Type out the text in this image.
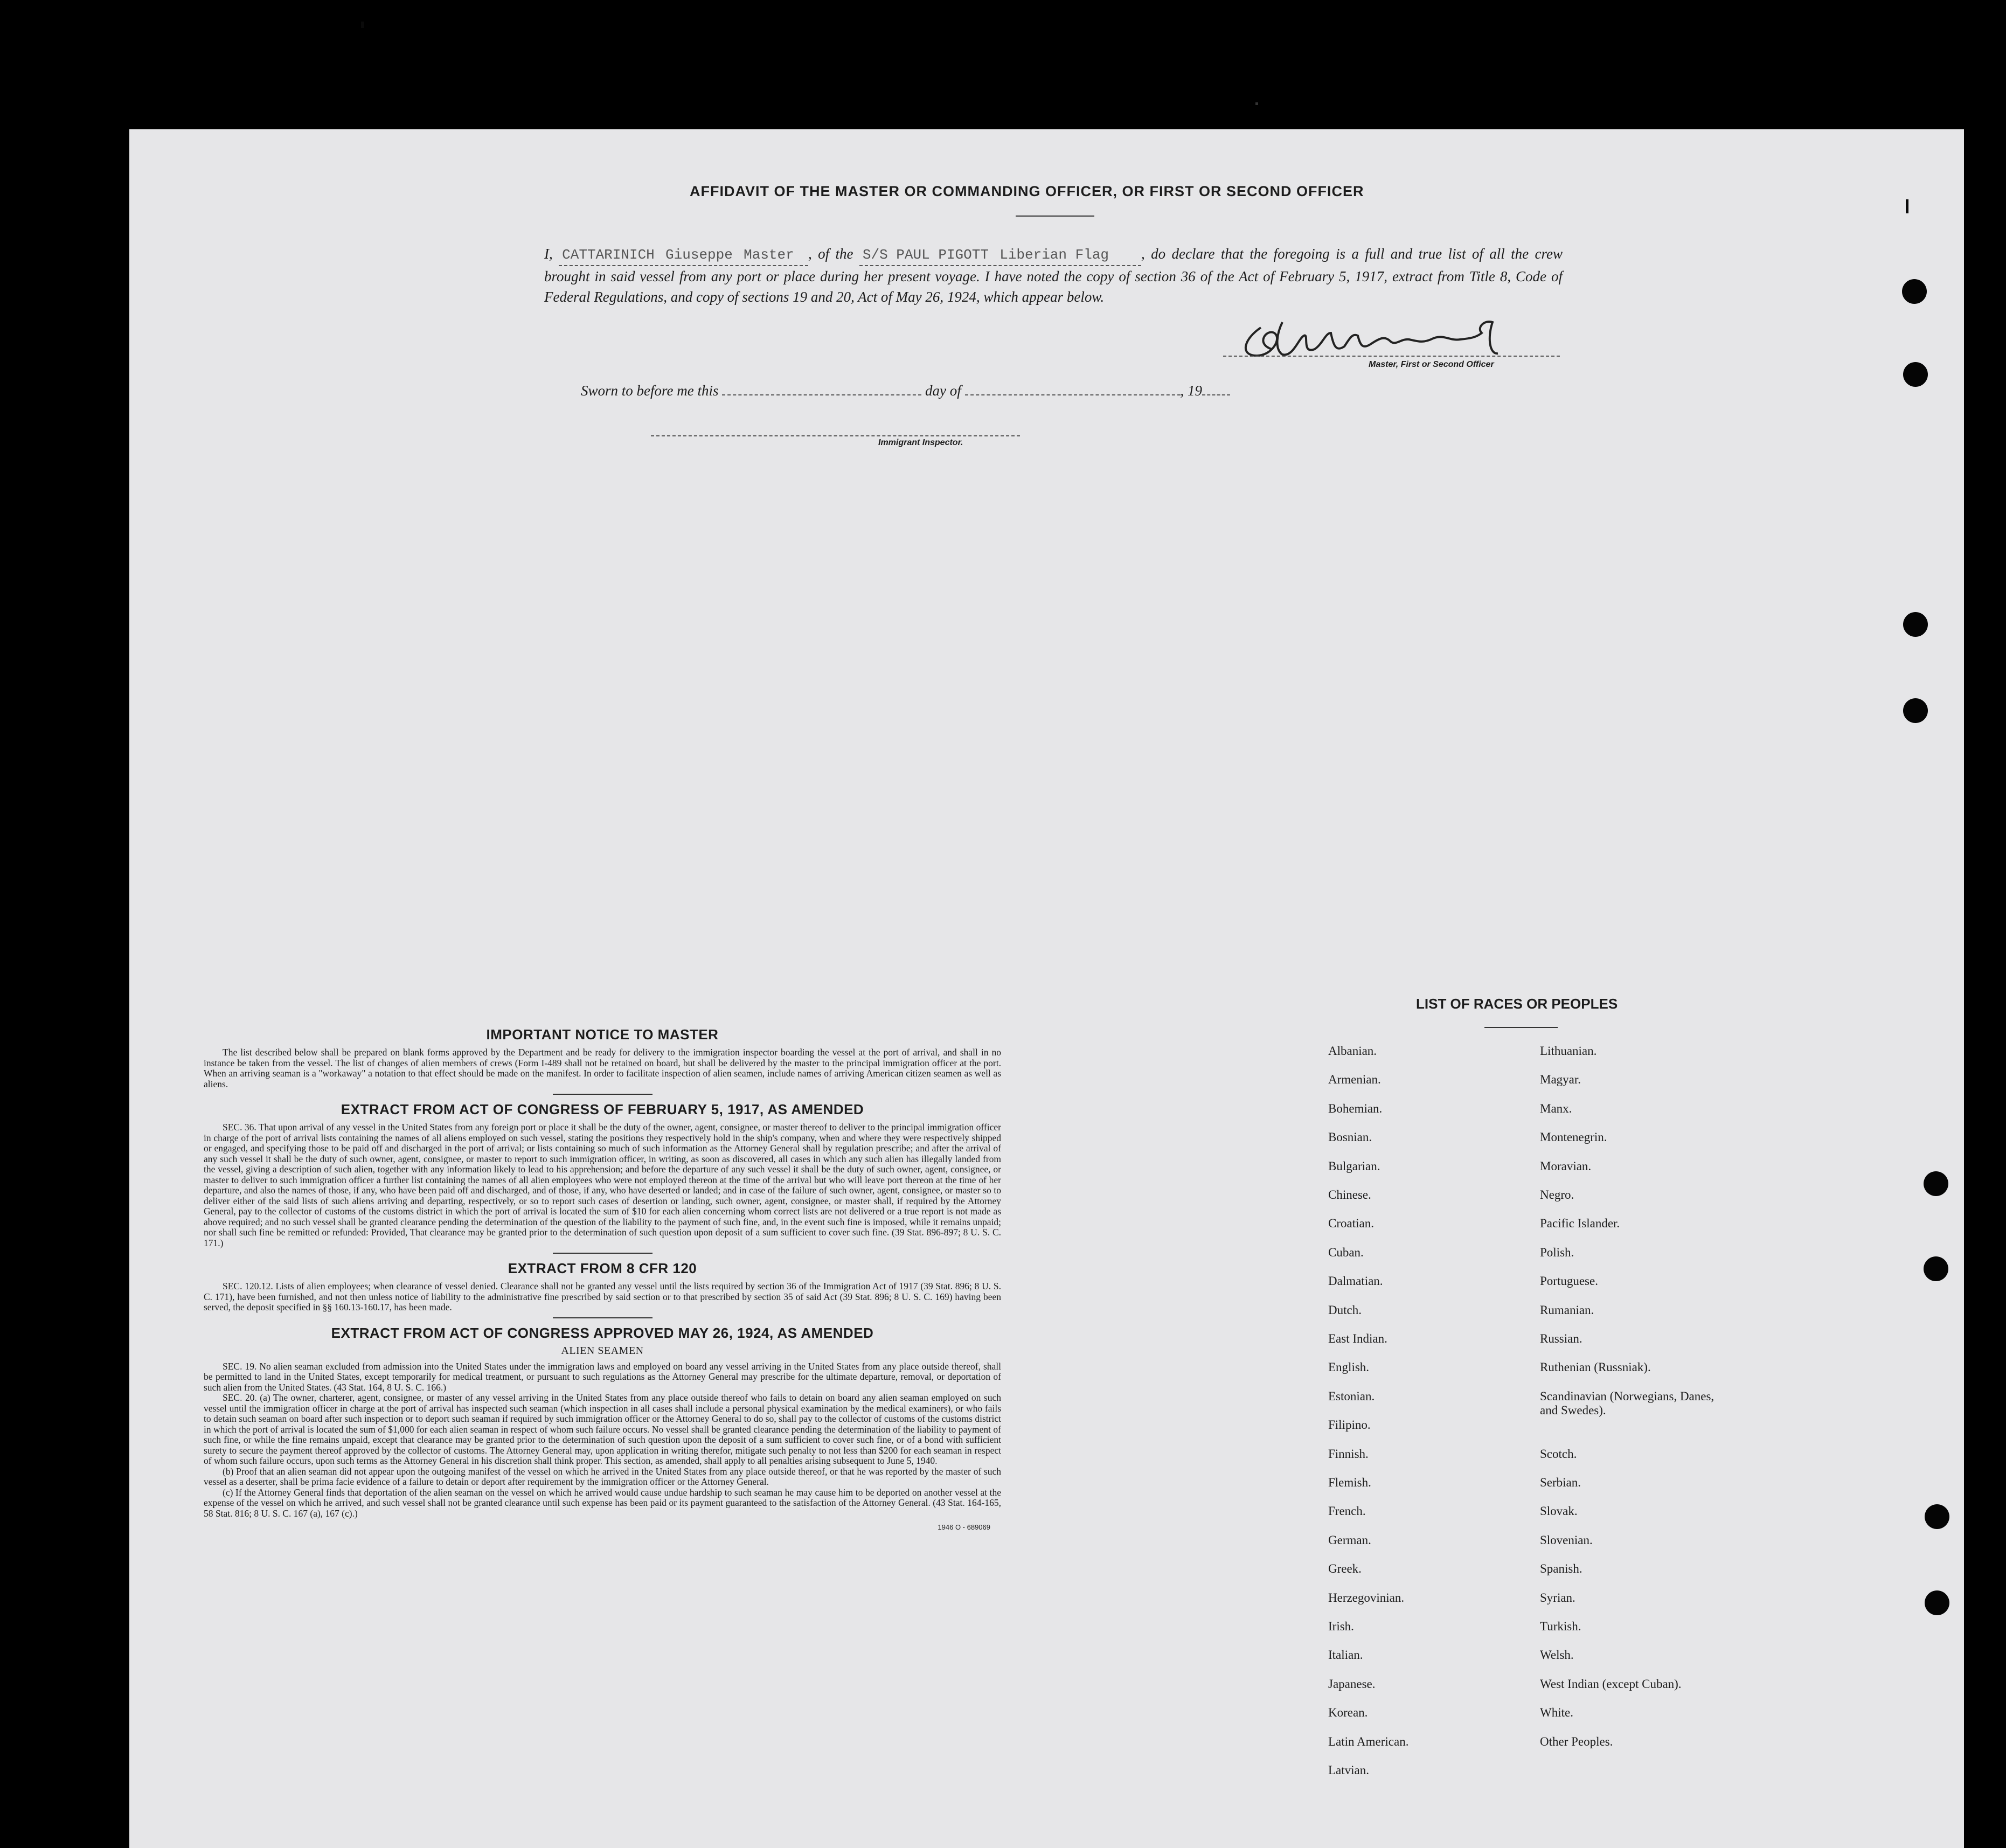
AFFIDAVIT OF THE MASTER OR COMMANDING OFFICER, OR FIRST OR SECOND OFFICER
I, CATTARINICH Giuseppe Master , of the S/S PAUL PIGOTT Liberian Flag , do declare that the foregoing is a full and true list of all the crew brought in said vessel from any port or place during her present voyage. I have noted the copy of section 36 of the Act of February 5, 1917, extract from Title 8, Code of Federal Regulations, and copy of sections 19 and 20, Act of May 26, 1924, which appear below.
Master, First or Second Officer
Sworn to before me this	day of	, 19
Immigrant Inspector.
IMPORTANT NOTICE TO MASTER
The list described below shall be prepared on blank forms approved by the Department and be ready for delivery to the immigration inspector boarding the vessel at the port of arrival, and shall in no instance be taken from the vessel. The list of changes of alien members of crews (Form I-489 shall not be retained on board, but shall be delivered by the master to the principal immigration officer at the port. When an arriving seaman is a "workaway" a notation to that effect should be made on the manifest. In order to facilitate inspection of alien seamen, include names of arriving American citizen seamen as well as aliens.
EXTRACT FROM ACT OF CONGRESS OF FEBRUARY 5, 1917, AS AMENDED
SEC. 36. That upon arrival of any vessel in the United States from any foreign port or place it shall be the duty of the owner, agent, consignee, or master thereof to deliver to the principal immigration officer in charge of the port of arrival lists containing the names of all aliens employed on such vessel, stating the positions they respectively hold in the ship's company, when and where they were respectively shipped or engaged, and specifying those to be paid off and discharged in the port of arrival; or lists containing so much of such information as the Attorney General shall by regulation prescribe; and after the arrival of any such vessel it shall be the duty of such owner, agent, consignee, or master to report to such immigration officer, in writing, as soon as discovered, all cases in which any such alien has illegally landed from the vessel, giving a description of such alien, together with any information likely to lead to his apprehension; and before the departure of any such vessel it shall be the duty of such owner, agent, consignee, or master to deliver to such immigration officer a further list containing the names of all alien employees who were not employed thereon at the time of the arrival but who will leave port thereon at the time of her departure, and also the names of those, if any, who have been paid off and discharged, and of those, if any, who have deserted or landed; and in case of the failure of such owner, agent, consignee, or master so to deliver either of the said lists of such aliens arriving and departing, respectively, or so to report such cases of desertion or landing, such owner, agent, consignee, or master shall, if required by the Attorney General, pay to the collector of customs of the customs district in which the port of arrival is located the sum of $10 for each alien concerning whom correct lists are not delivered or a true report is not made as above required; and no such vessel shall be granted clearance pending the determination of the question of the liability to the payment of such fine, and, in the event such fine is imposed, while it remains unpaid; nor shall such fine be remitted or refunded: Provided, That clearance may be granted prior to the determination of such question upon deposit of a sum sufficient to cover such fine. (39 Stat. 896-897; 8 U. S. C. 171.)
EXTRACT FROM 8 CFR 120
SEC. 120.12. Lists of alien employees; when clearance of vessel denied. Clearance shall not be granted any vessel until the lists required by section 36 of the Immigration Act of 1917 (39 Stat. 896; 8 U. S. C. 171), have been furnished, and not then unless notice of liability to the administrative fine prescribed by said section or to that prescribed by section 35 of said Act (39 Stat. 896; 8 U. S. C. 169) having been served, the deposit specified in §§ 160.13-160.17, has been made.
EXTRACT FROM ACT OF CONGRESS APPROVED MAY 26, 1924, AS AMENDED
ALIEN SEAMEN

SEC. 19. No alien seaman excluded from admission into the United States under the immigration laws and employed on board any vessel arriving in the United States from any place outside thereof, shall be permitted to land in the United States, except temporarily for medical treatment, or pursuant to such regulations as the Attorney General may prescribe for the ultimate departure, removal, or deportation of such alien from the United States. (43 Stat. 164, 8 U. S. C. 166.)

SEC. 20. (a) The owner, charterer, agent, consignee, or master of any vessel arriving in the United States from any place outside thereof who fails to detain on board any alien seaman employed on such vessel until the immigration officer in charge at the port of arrival has inspected such seaman (which inspection in all cases shall include a personal physical examination by the medical examiners), or who fails to detain such seaman on board after such inspection or to deport such seaman if required by such immigration officer or the Attorney General to do so, shall pay to the collector of customs of the customs district in which the port of arrival is located the sum of $1,000 for each alien seaman in respect of whom such failure occurs. No vessel shall be granted clearance pending the determination of the liability to payment of such fine, or while the fine remains unpaid, except that clearance may be granted prior to the determination of such question upon the deposit of a sum sufficient to cover such fine, or of a bond with sufficient surety to secure the payment thereof approved by the collector of customs. The Attorney General may, upon application in writing therefor, mitigate such penalty to not less than $200 for each seaman in respect of whom such failure occurs, upon such terms as the Attorney General in his discretion shall think proper. This section, as amended, shall apply to all penalties arising subsequent to June 5, 1940.

(b) Proof that an alien seaman did not appear upon the outgoing manifest of the vessel on which he arrived in the United States from any place outside thereof, or that he was reported by the master of such vessel as a deserter, shall be prima facie evidence of a failure to detain or deport after requirement by the immigration officer or the Attorney General.

(c) If the Attorney General finds that deportation of the alien seaman on the vessel on which he arrived would cause undue hardship to such seaman he may cause him to be deported on another vessel at the expense of the vessel on which he arrived, and such vessel shall not be granted clearance until such expense has been paid or its payment guaranteed to the satisfaction of the Attorney General. (43 Stat. 164-165, 58 Stat. 816; 8 U. S. C. 167 (a), 167 (c).)

1946 O - 689069
LIST OF RACES OR PEOPLES
Albanian.
Armenian.
Bohemian.
Bosnian.
Bulgarian.
Chinese.
Croatian.
Cuban.
Dalmatian.
Dutch.
East Indian.
English.
Estonian.
Filipino.
Finnish.
Flemish.
French.
German.
Greek.
Herzegovinian.
Irish.
Italian.
Japanese.
Korean.
Latin American.
Latvian.
Lithuanian.
Magyar.
Manx.
Montenegrin.
Moravian.
Negro.
Pacific Islander.
Polish.
Portuguese.
Rumanian.
Russian.
Ruthenian (Russniak).
Scandinavian (Norwegians, Danes, and Swedes).
Scotch.
Serbian.
Slovak.
Slovenian.
Spanish.
Syrian.
Turkish.
Welsh.
West Indian (except Cuban).
White.
Other Peoples.
